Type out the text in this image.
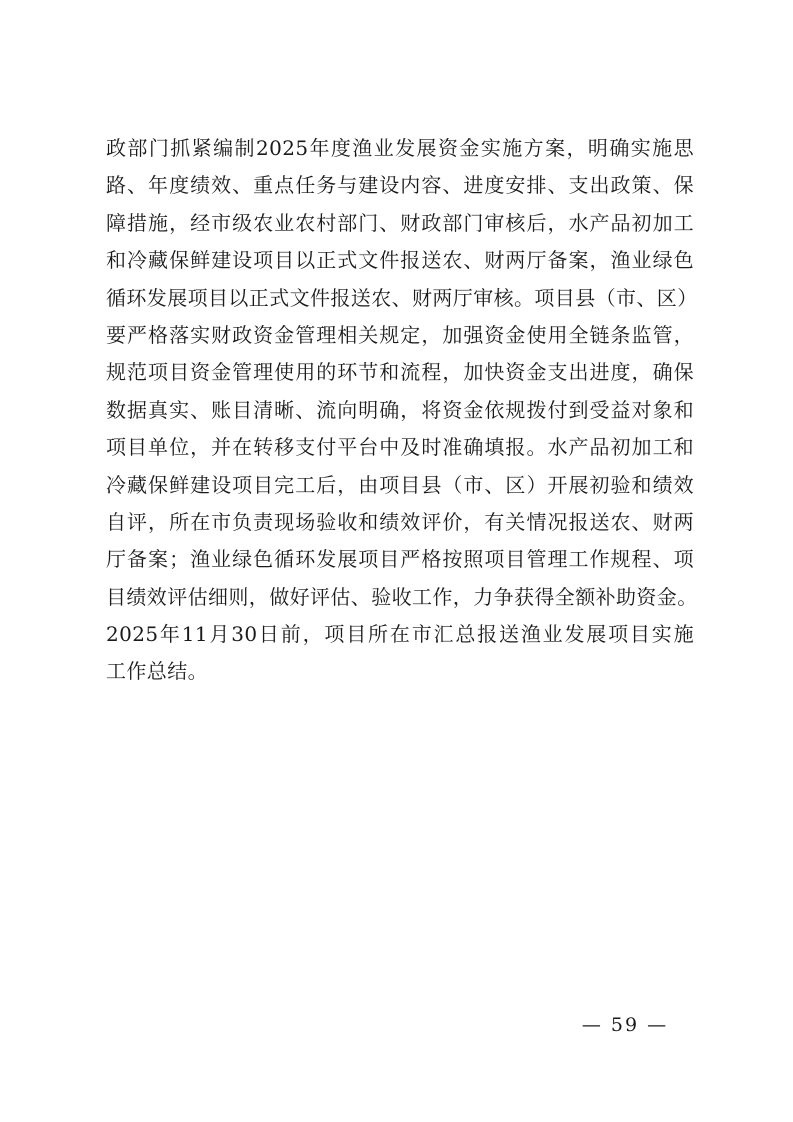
政部门抓紧编制2025年度渔业发展资金实施方案，明确实施思
路、年度绩效、重点任务与建设内容、进度安排、支出政策、保
障措施，经市级农业农村部门、财政部门审核后，水产品初加工
和冷藏保鲜建设项目以正式文件报送农、财两厅备案，渔业绿色
循环发展项目以正式文件报送农、财两厅审核。项目县（市、区）
要严格落实财政资金管理相关规定，加强资金使用全链条监管，
规范项目资金管理使用的环节和流程，加快资金支出进度，确保
数据真实、账目清晰、流向明确，将资金依规拨付到受益对象和
项目单位，并在转移支付平台中及时准确填报。水产品初加工和
冷藏保鲜建设项目完工后，由项目县（市、区）开展初验和绩效
自评，所在市负责现场验收和绩效评价，有关情况报送农、财两
厅备案；渔业绿色循环发展项目严格按照项目管理工作规程、项
目绩效评估细则，做好评估、验收工作，力争获得全额补助资金。
2025年11月30日前，项目所在市汇总报送渔业发展项目实施
工作总结。
— 59 —
